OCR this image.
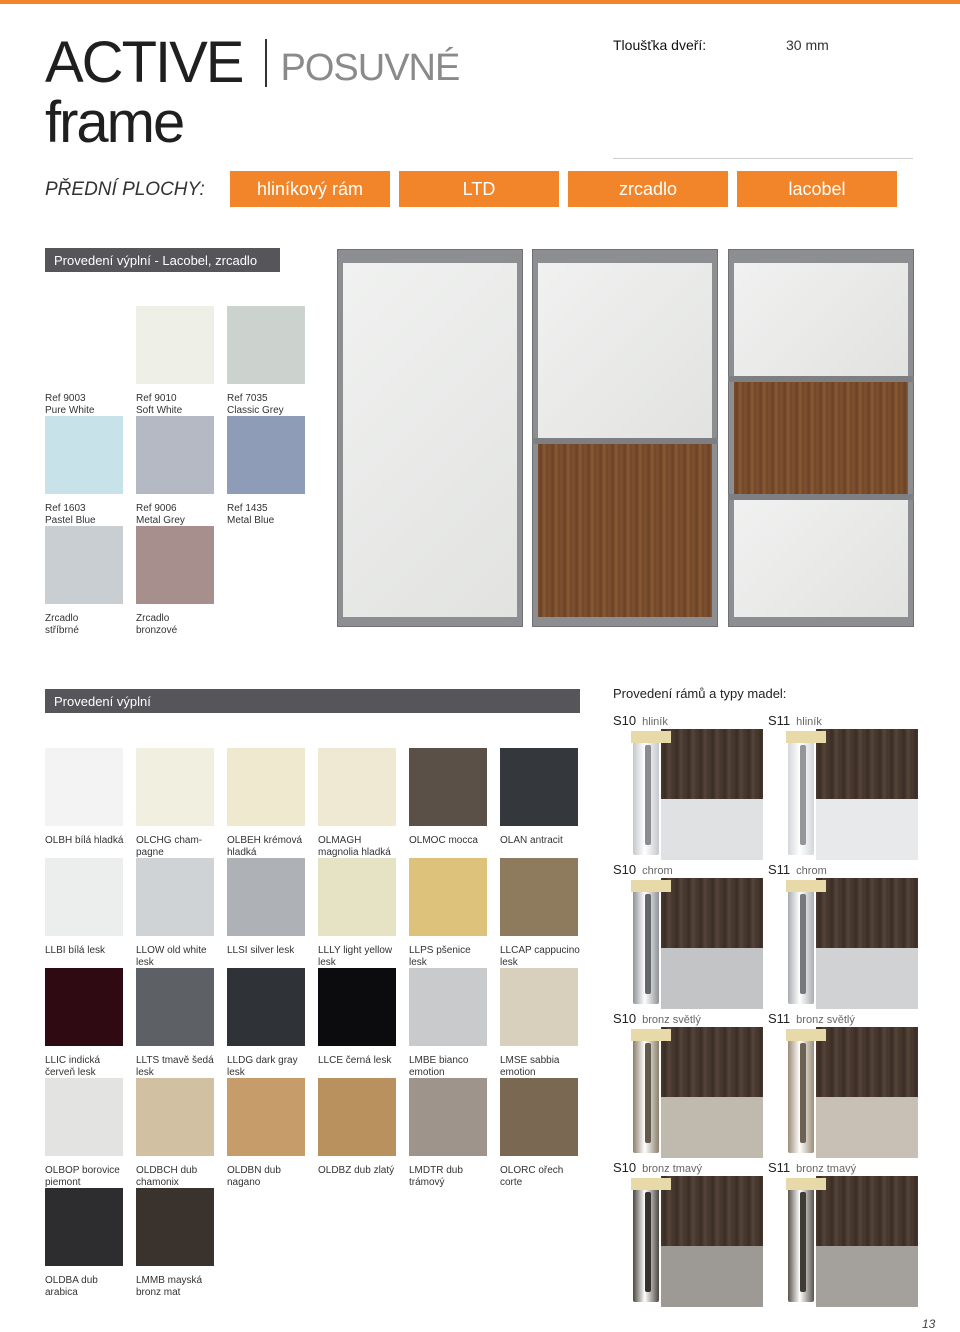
ACTIVE POSUVNÉ
frame
Tloušťka dveří:	30 mm
PŘEDNÍ PLOCHY:	hliníkový rám	LTD	zrcadlo	lacobel
Provedení výplní - Lacobel, zrcadlo
Ref 9003
Pure White
Ref 9010
Soft White
Ref 7035
Classic Grey
Ref 1603
Pastel Blue
Ref 9006
Metal Grey
Ref 1435
Metal Blue
Zrcadlo
stříbrné
Zrcadlo
bronzové
Provedení výplní
OLBH bílá hladká	OLCHG cham-
pagne
OLBEH krémová
hladká
OLMAGH
magnolia hladká
OLMOC mocca	OLAN antracit
LLBI bílá lesk	LLOW old white
lesk
LLSI silver lesk	LLLY light yellow
lesk
LLPS pšenice
lesk
LLCAP cappucino
lesk
LLIC indická
červeň lesk
LLTS tmavě šedá
lesk
LLDG dark gray
lesk
LLCE černá lesk	LMBE bianco
emotion
LMSE sabbia
emotion
OLBOP borovice
piemont
OLDBCH dub
chamonix
OLDBN dub
nagano
OLDBZ dub zlatý	LMDTR dub
trámový
OLORC ořech
corte
OLDBA dub
arabica
LMMB mayská
bronz mat
Provedení rámů a typy madel:
S10 hliník	S11 hliník
S10 chrom	S11 chrom
S10 bronz světlý	S11 bronz světlý
S10 bronz tmavý	S11 bronz tmavý
13
